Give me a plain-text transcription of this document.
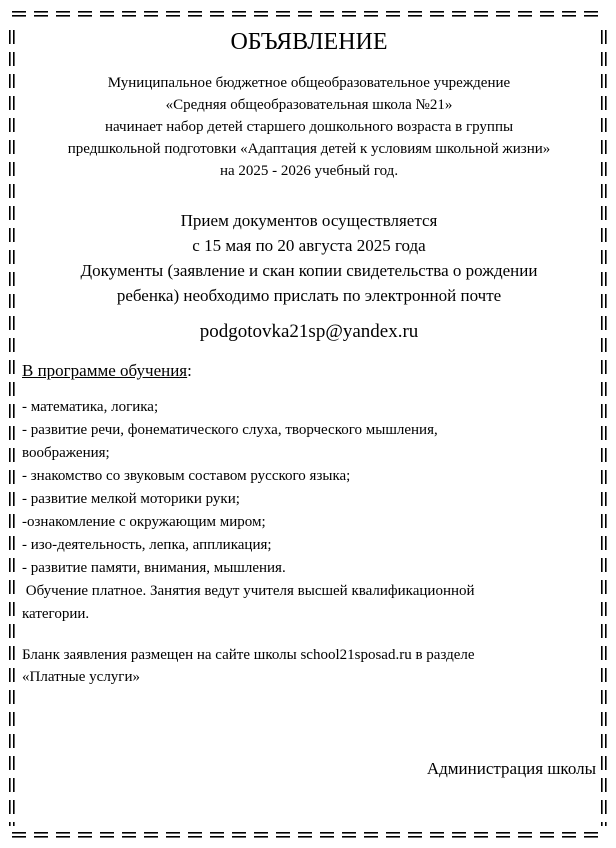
ОБЪЯВЛЕНИЕ
Муниципальное бюджетное общеобразовательное учреждение
«Средняя общеобразовательная школа №21»
начинает набор детей старшего дошкольного возраста в группы
предшкольной подготовки «Адаптация детей к условиям школьной жизни»
на 2025 - 2026 учебный год.
Прием документов осуществляется
с 15 мая по 20 августа 2025 года
Документы (заявление и скан копии свидетельства о рождении
ребенка) необходимо прислать по электронной почте
podgotovka21sp@yandex.ru
В программе обучения:
- математика, логика;
- развитие речи, фонематического слуха, творческого мышления,
воображения;
- знакомство со звуковым составом русского языка;
- развитие мелкой моторики руки;
-ознакомление с окружающим миром;
- изо-деятельность, лепка, аппликация;
- развитие памяти, внимания, мышления.
Обучение платное. Занятия ведут учителя высшей квалификационной
категории.
Бланк заявления размещен на сайте школы school21sposad.ru в разделе
«Платные услуги»
Администрация школы
